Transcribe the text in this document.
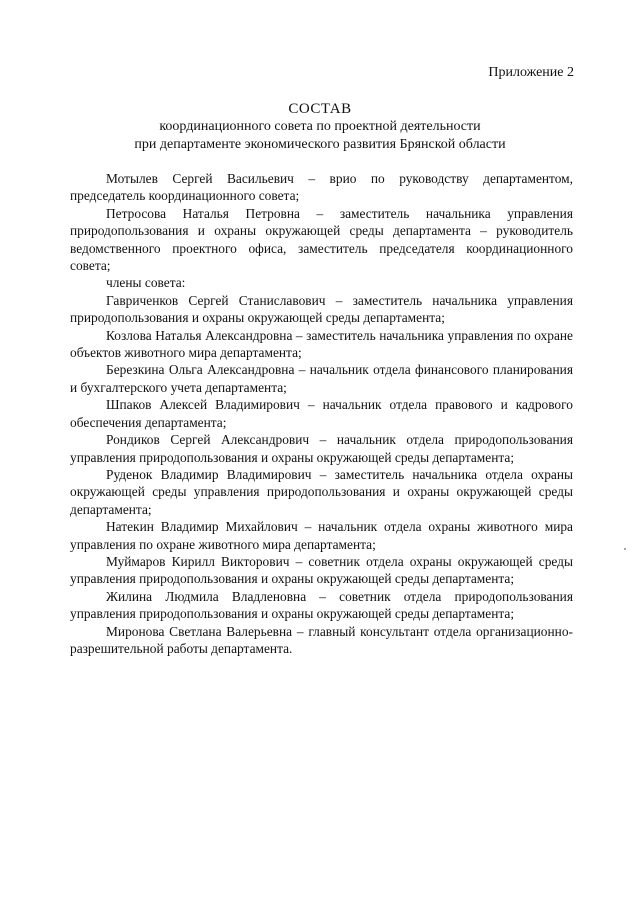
Приложение 2
СОСТАВ
координационного совета по проектной деятельности
при департаменте экономического развития Брянской области

Мотылев Сергей Васильевич – врио по руководству департаментом, председатель координационного совета;

Петросова Наталья Петровна – заместитель начальника управления природопользования и охраны окружающей среды департамента – руководитель ведомственного проектного офиса, заместитель председателя координационного совета;

члены совета:

Гавриченков Сергей Станиславович – заместитель начальника управления природопользования и охраны окружающей среды департамента;

Козлова Наталья Александровна – заместитель начальника управления по охране объектов животного мира департамента;

Березкина Ольга Александровна – начальник отдела финансового планирования и бухгалтерского учета департамента;

Шпаков Алексей Владимирович – начальник отдела правового и кадрового обеспечения департамента;

Рондиков Сергей Александрович – начальник отдела природопользования управления природопользования и охраны окружающей среды департамента;

Руденок Владимир Владимирович – заместитель начальника отдела охраны окружающей среды управления природопользования и охраны окружающей среды департамента;

Натекин Владимир Михайлович – начальник отдела охраны животного мира управления по охране животного мира департамента;

Муймаров Кирилл Викторович – советник отдела охраны окружающей среды управления природопользования и охраны окружающей среды департамента;

Жилина Людмила Владленовна – советник отдела природопользования управления природопользования и охраны окружающей среды департамента;

Миронова Светлана Валерьевна – главный консультант отдела организационно-разрешительной работы департамента.
